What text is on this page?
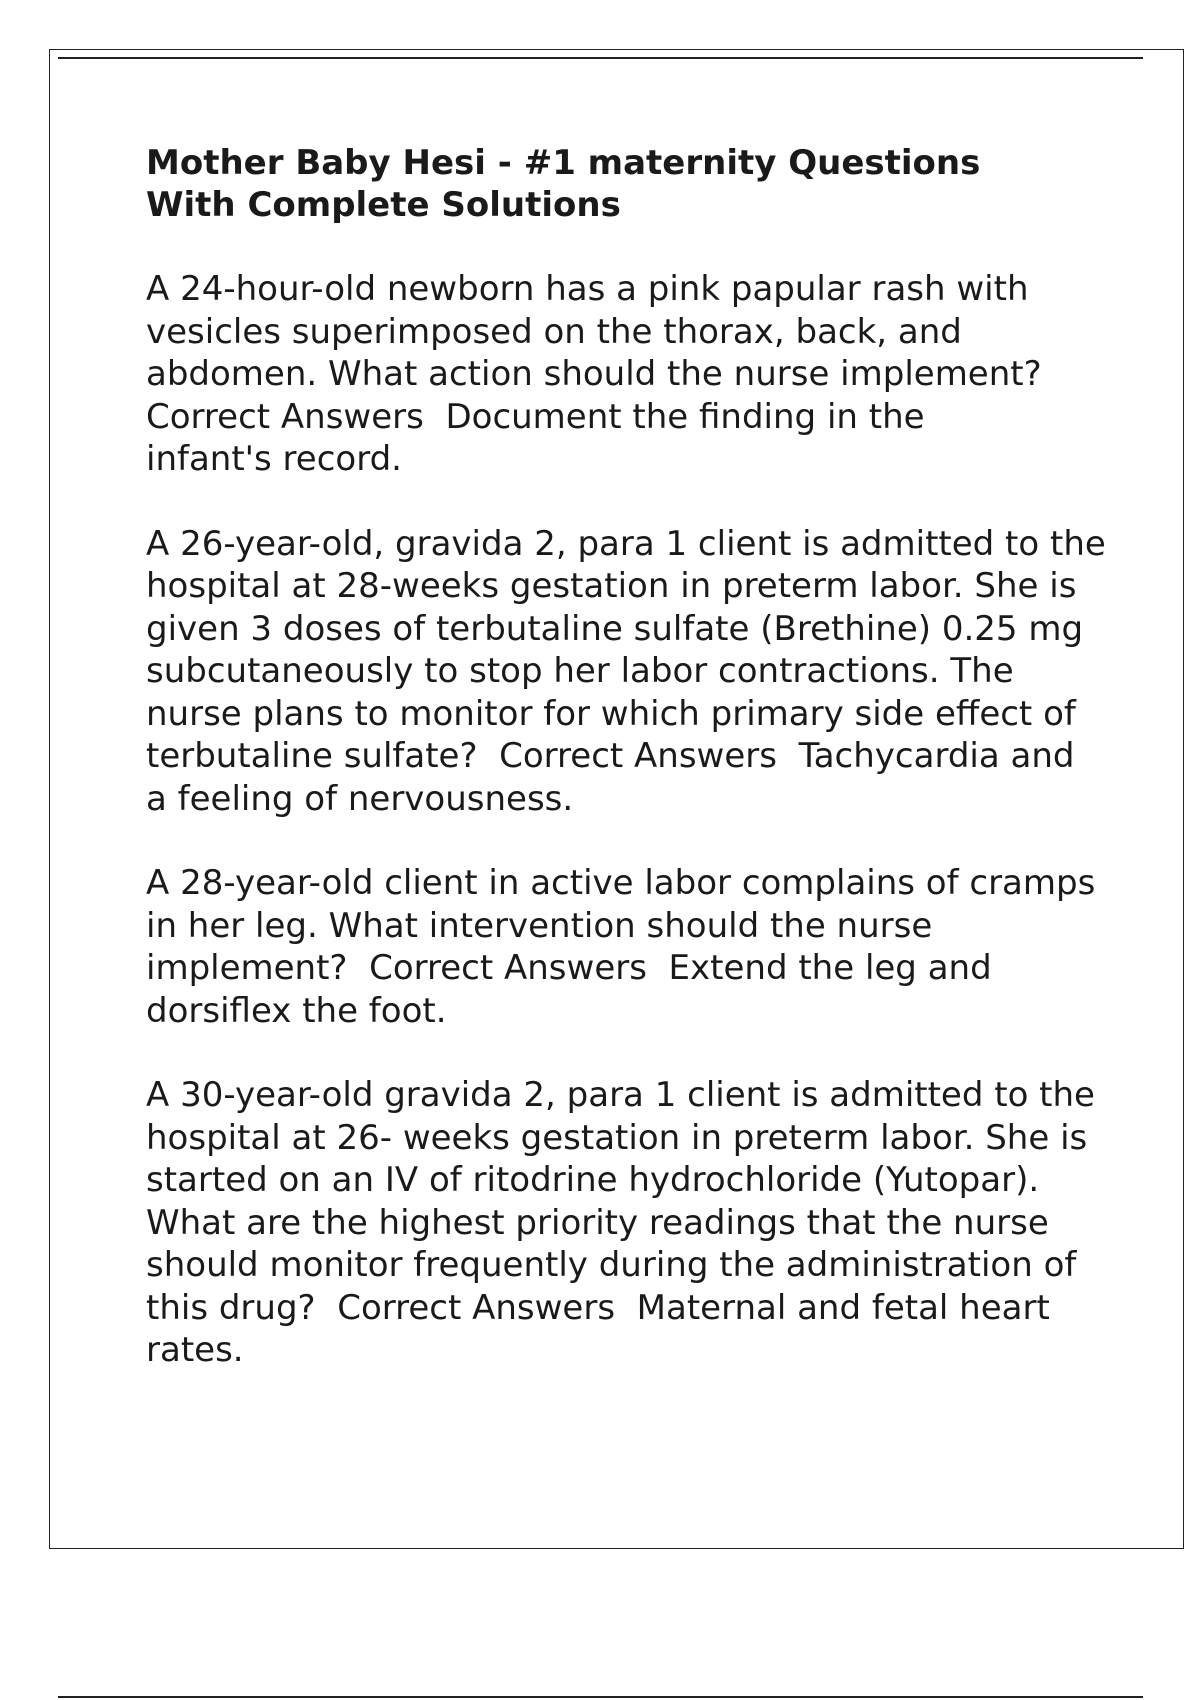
Mother Baby Hesi - #1 maternity Questions With Complete Solutions
A 24-hour-old newborn has a pink papular rash with vesicles superimposed on the thorax, back, and abdomen. What action should the nurse implement?  Correct Answers  Document the finding in the infant's record.
A 26-year-old, gravida 2, para 1 client is admitted to the hospital at 28-weeks gestation in preterm labor. She is given 3 doses of terbutaline sulfate (Brethine) 0.25 mg subcutaneously to stop her labor contractions. The nurse plans to monitor for which primary side effect of terbutaline sulfate?  Correct Answers  Tachycardia and a feeling of nervousness.
A 28-year-old client in active labor complains of cramps in her leg. What intervention should the nurse implement?  Correct Answers  Extend the leg and dorsiflex the foot.
A 30-year-old gravida 2, para 1 client is admitted to the hospital at 26- weeks gestation in preterm labor. She is started on an IV of ritodrine hydrochloride (Yutopar). What are the highest priority readings that the nurse should monitor frequently during the administration of this drug?  Correct Answers  Maternal and fetal heart rates.
